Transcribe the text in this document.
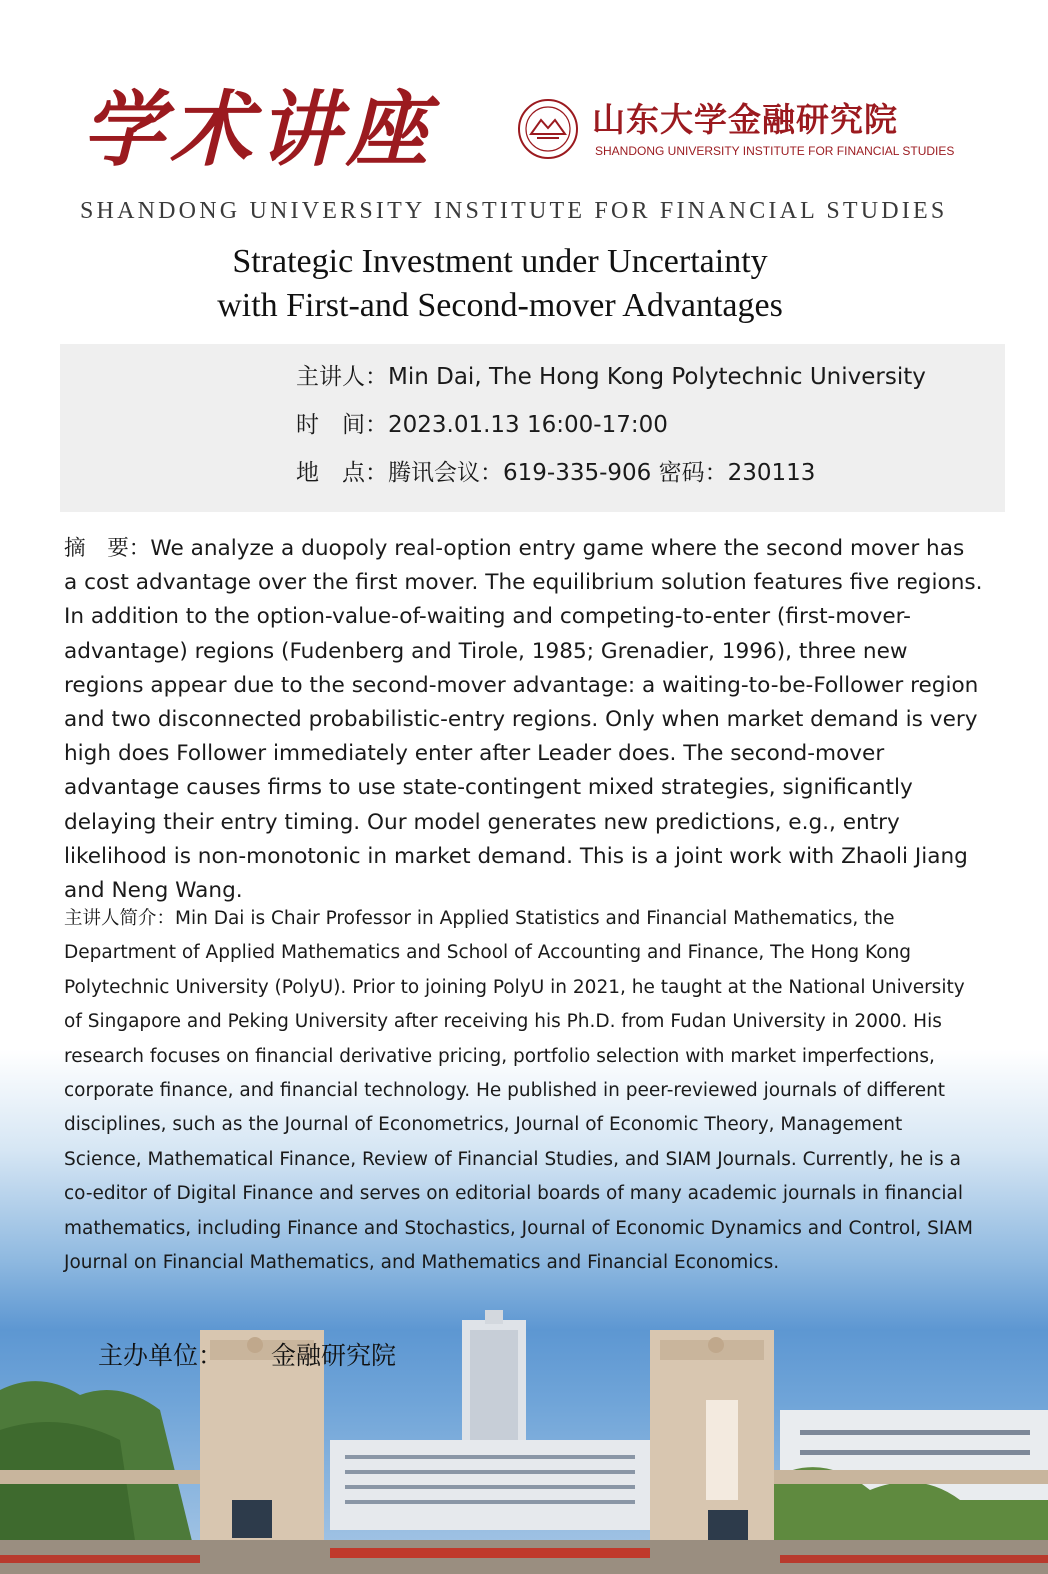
学术讲座	山东大学金融研究院
SHANDONG UNIVERSITY INSTITUTE FOR FINANCIAL STUDIES
SHANDONG UNIVERSITY INSTITUTE FOR FINANCIAL STUDIES
Strategic Investment under Uncertainty
with First-and Second-mover Advantages
主讲人：Min Dai, The Hong Kong Polytechnic University
时　间：2023.01.13 16:00-17:00
地　点：腾讯会议：619-335-906 密码：230113
摘　要：We analyze a duopoly real-option entry game where the second mover has a cost advantage over the first mover. The equilibrium solution features five regions. In addition to the option-value-of-waiting and competing-to-enter (first-mover-advantage) regions (Fudenberg and Tirole, 1985; Grenadier, 1996), three new regions appear due to the second-mover advantage: a waiting-to-be-Follower region and two disconnected probabilistic-entry regions. Only when market demand is very high does Follower immediately enter after Leader does. The second-mover advantage causes firms to use state-contingent mixed strategies, significantly delaying their entry timing. Our model generates new predictions, e.g., entry likelihood is non-monotonic in market demand. This is a joint work with Zhaoli Jiang and Neng Wang.
主讲人简介：Min Dai is Chair Professor in Applied Statistics and Financial Mathematics, the Department of Applied Mathematics and School of Accounting and Finance, The Hong Kong Polytechnic University (PolyU). Prior to joining PolyU in 2021, he taught at the National University of Singapore and Peking University after receiving his Ph.D. from Fudan University in 2000. His research focuses on financial derivative pricing, portfolio selection with market imperfections, corporate finance, and financial technology. He published in peer-reviewed journals of different disciplines, such as the Journal of Econometrics, Journal of Economic Theory, Management Science, Mathematical Finance, Review of Financial Studies, and SIAM Journals. Currently, he is a co-editor of Digital Finance and serves on editorial boards of many academic journals in financial mathematics, including Finance and Stochastics, Journal of Economic Dynamics and Control, SIAM Journal on Financial Mathematics, and Mathematics and Financial Economics.
主办单位： 金融研究院
